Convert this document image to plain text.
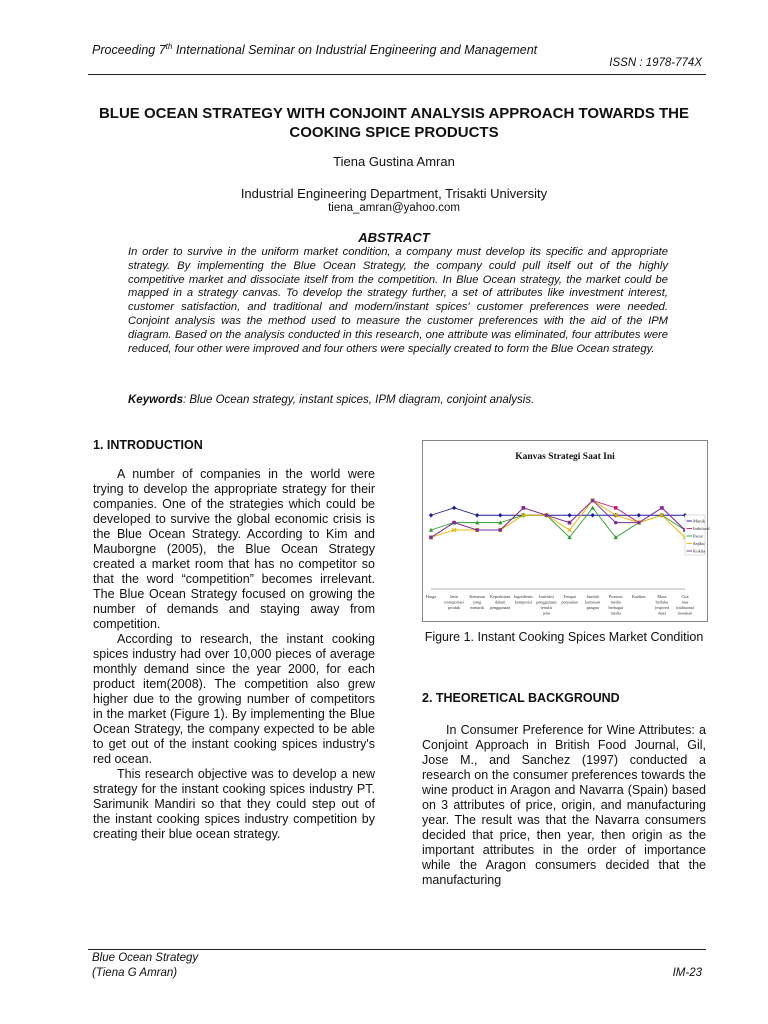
Proceeding 7th International Seminar on Industrial Engineering and Management
ISSN : 1978-774X
BLUE OCEAN STRATEGY WITH CONJOINT ANALYSIS APPROACH TOWARDS THE COOKING SPICE PRODUCTS
Tiena Gustina Amran
Industrial Engineering Department, Trisakti University
tiena_amran@yahoo.com
ABSTRACT
In order to survive in the uniform market condition, a company must develop its specific and appropriate strategy. By implementing the Blue Ocean Strategy, the company could pull itself out of the highly competitive market and dissociate itself from the competition. In Blue Ocean strategy, the market could be mapped in a strategy canvas. To develop the strategy further, a set of attributes like investment interest, customer satisfaction, and traditional and modern/instant spices' customer preferences were needed. Conjoint analysis was the method used to measure the customer preferences with the aid of the IPM diagram. Based on the analysis conducted in this research, one attribute was eliminated, four attributes were reduced, four other were improved and four others were specially created to form the Blue Ocean strategy.
Keywords: Blue Ocean strategy, instant spices, IPM diagram, conjoint analysis.
1. INTRODUCTION

A number of companies in the world were trying to develop the appropriate strategy for their companies. One of the strategies which could be developed to survive the global economic crisis is the Blue Ocean Strategy. According to Kim and Mauborgne (2005), the Blue Ocean Strategy created a market room that has no competitor so that the word “competition” becomes irrelevant. The Blue Ocean Strategy focused on growing the number of demands and staying away from competition.

According to research, the instant cooking spices industry had over 10,000 pieces of average monthly demand since the year 2000, for each product item(2008). The competition also grew higher due to the growing number of competitors in the market (Figure 1). By implementing the Blue Ocean Strategy, the company expected to be able to get out of the instant cooking spices industry's red ocean.

This research objective was to develop a new strategy for the instant cooking spices industry PT. Sarimunik Mandiri so that they could step out of the instant cooking spices industry competition by creating their blue ocean strategy.

Kanvas Strategi Saat Ini
Harga	Jenis
transportasi
produk
Kemasan
yang
menarik
Kepraktisan
dalam
penggunaan
Ingredients
komposisi
Instruksi
penggunaan
tertulis
jelas
Tempat
penjualan
Jumlah
kemasan
pangan
Promosi
media
berbagai
media
Kualitas	Masa
berlaku
(expired
date)
Cita
rasa
tradisional
masakan
Munik
Indofood
Pacar
Sajiku
Kokita
Figure 1. Instant Cooking Spices Market Condition
2. THEORETICAL BACKGROUND

In Consumer Preference for Wine Attributes: a Conjoint Approach in British Food Journal, Gil, Jose M., and Sanchez (1997) conducted a research on the consumer preferences towards the wine product in Aragon and Navarra (Spain) based on 3 attributes of price, origin, and manufacturing year. The result was that the Navarra consumers decided that price, then year, then origin as the important attributes in the order of importance while the Aragon consumers decided that the manufacturing

Blue Ocean Strategy
(Tiena G Amran)	IM-23
